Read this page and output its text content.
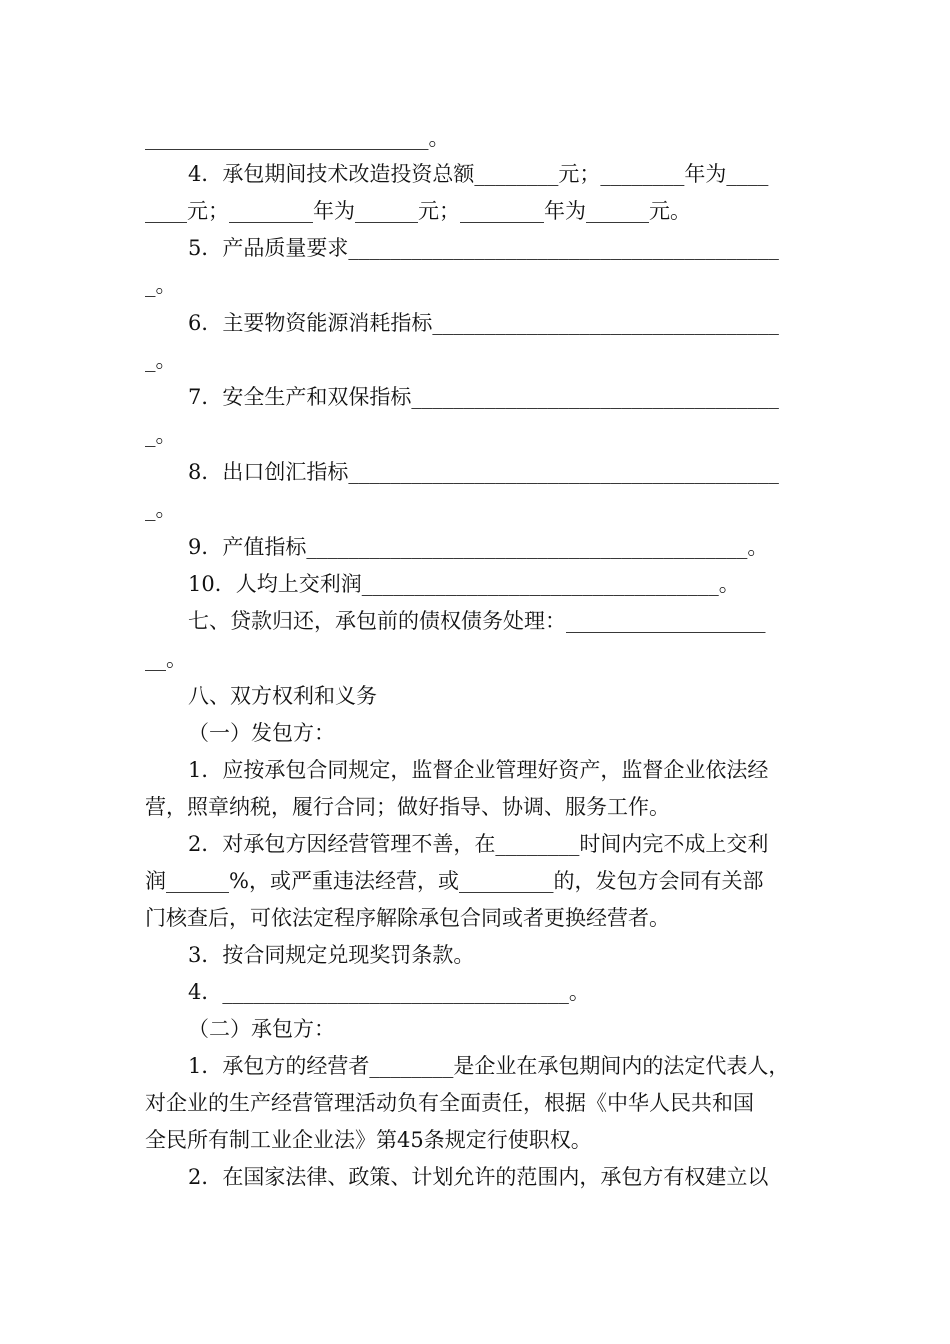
___________________________。
4．承包期间技术改造投资总额________元；________年为____
____元；________年为______元；________年为______元。
5．产品质量要求_________________________________________
_。
6．主要物资能源消耗指标_________________________________
_。
7．安全生产和双保指标___________________________________
_。
8．出口创汇指标_________________________________________
_。
9．产值指标__________________________________________。
10．人均上交利润__________________________________。
七、贷款归还，承包前的债权债务处理：___________________
__。
八、双方权利和义务
（一）发包方：
1．应按承包合同规定，监督企业管理好资产，监督企业依法经
营，照章纳税，履行合同；做好指导、协调、服务工作。
2．对承包方因经营管理不善，在________时间内完不成上交利
润______%，或严重违法经营，或_________的，发包方会同有关部
门核查后，可依法定程序解除承包合同或者更换经营者。
3．按合同规定兑现奖罚条款。
4．_________________________________。
（二）承包方：
1．承包方的经营者________是企业在承包期间内的法定代表人，
对企业的生产经营管理活动负有全面责任，根据《中华人民共和国
全民所有制工业企业法》第45条规定行使职权。
2．在国家法律、政策、计划允许的范围内，承包方有权建立以
